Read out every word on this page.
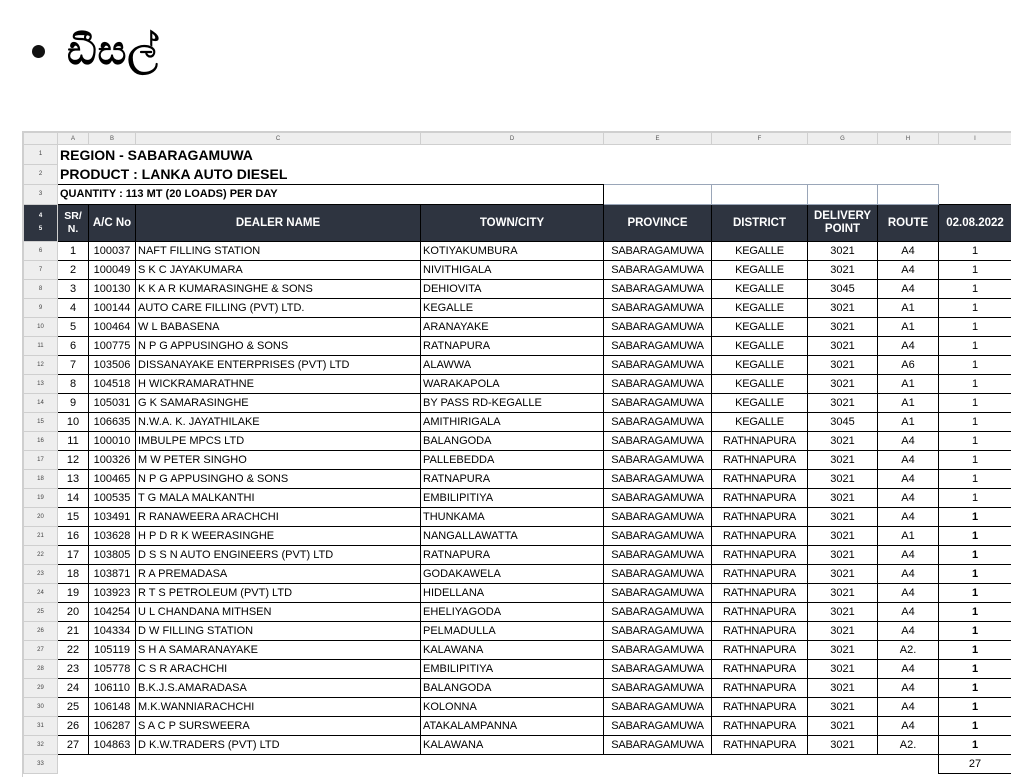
ඩීසල්
	A	B	C	D	E	F	G	H	I
1	REGION - SABARAGAMUWA								
2	PRODUCT : LANKA AUTO DIESEL								
3	QUANTITY : 113 MT (20 LOADS) PER DAY								
4
5	SR/ N.	A/C No	DEALER NAME	TOWN/CITY	PROVINCE	DISTRICT	DELIVERY POINT	ROUTE	02.08.2022
6	1	100037	NAFT FILLING STATION	KOTIYAKUMBURA	SABARAGAMUWA	KEGALLE	3021	A4	1
7	2	100049	S K C JAYAKUMARA	NIVITHIGALA	SABARAGAMUWA	KEGALLE	3021	A4	1
8	3	100130	K K A R KUMARASINGHE & SONS	DEHIOVITA	SABARAGAMUWA	KEGALLE	3045	A4	1
9	4	100144	AUTO CARE FILLING (PVT) LTD.	KEGALLE	SABARAGAMUWA	KEGALLE	3021	A1	1
10	5	100464	W L BABASENA	ARANAYAKE	SABARAGAMUWA	KEGALLE	3021	A1	1
11	6	100775	N P G APPUSINGHO & SONS	RATNAPURA	SABARAGAMUWA	KEGALLE	3021	A4	1
12	7	103506	DISSANAYAKE ENTERPRISES (PVT) LTD	ALAWWA	SABARAGAMUWA	KEGALLE	3021	A6	1
13	8	104518	H WICKRAMARATHNE	WARAKAPOLA	SABARAGAMUWA	KEGALLE	3021	A1	1
14	9	105031	G K SAMARASINGHE	BY PASS RD-KEGALLE	SABARAGAMUWA	KEGALLE	3021	A1	1
15	10	106635	N.W.A. K. JAYATHILAKE	AMITHIRIGALA	SABARAGAMUWA	KEGALLE	3045	A1	1
16	11	100010	IMBULPE MPCS LTD	BALANGODA	SABARAGAMUWA	RATHNAPURA	3021	A4	1
17	12	100326	M W PETER SINGHO	PALLEBEDDA	SABARAGAMUWA	RATHNAPURA	3021	A4	1
18	13	100465	N P G APPUSINGHO & SONS	RATNAPURA	SABARAGAMUWA	RATHNAPURA	3021	A4	1
19	14	100535	T G MALA MALKANTHI	EMBILIPITIYA	SABARAGAMUWA	RATHNAPURA	3021	A4	1
20	15	103491	R RANAWEERA ARACHCHI	THUNKAMA	SABARAGAMUWA	RATHNAPURA	3021	A4	1
21	16	103628	H P D R K WEERASINGHE	NANGALLAWATTA	SABARAGAMUWA	RATHNAPURA	3021	A1	1
22	17	103805	D S S N AUTO ENGINEERS (PVT) LTD	RATNAPURA	SABARAGAMUWA	RATHNAPURA	3021	A4	1
23	18	103871	R A PREMADASA	GODAKAWELA	SABARAGAMUWA	RATHNAPURA	3021	A4	1
24	19	103923	R T S PETROLEUM (PVT) LTD	HIDELLANA	SABARAGAMUWA	RATHNAPURA	3021	A4	1
25	20	104254	U L CHANDANA MITHSEN	EHELIYAGODA	SABARAGAMUWA	RATHNAPURA	3021	A4	1
26	21	104334	D W FILLING STATION	PELMADULLA	SABARAGAMUWA	RATHNAPURA	3021	A4	1
27	22	105119	S H A SAMARANAYAKE	KALAWANA	SABARAGAMUWA	RATHNAPURA	3021	A2.	1
28	23	105778	C S R ARACHCHI	EMBILIPITIYA	SABARAGAMUWA	RATHNAPURA	3021	A4	1
29	24	106110	B.K.J.S.AMARADASA	BALANGODA	SABARAGAMUWA	RATHNAPURA	3021	A4	1
30	25	106148	M.K.WANNIARACHCHI	KOLONNA	SABARAGAMUWA	RATHNAPURA	3021	A4	1
31	26	106287	S A C P SURSWEERA	ATAKALAMPANNA	SABARAGAMUWA	RATHNAPURA	3021	A4	1
32	27	104863	D K.W.TRADERS (PVT) LTD	KALAWANA	SABARAGAMUWA	RATHNAPURA	3021	A2.	1
33									27
